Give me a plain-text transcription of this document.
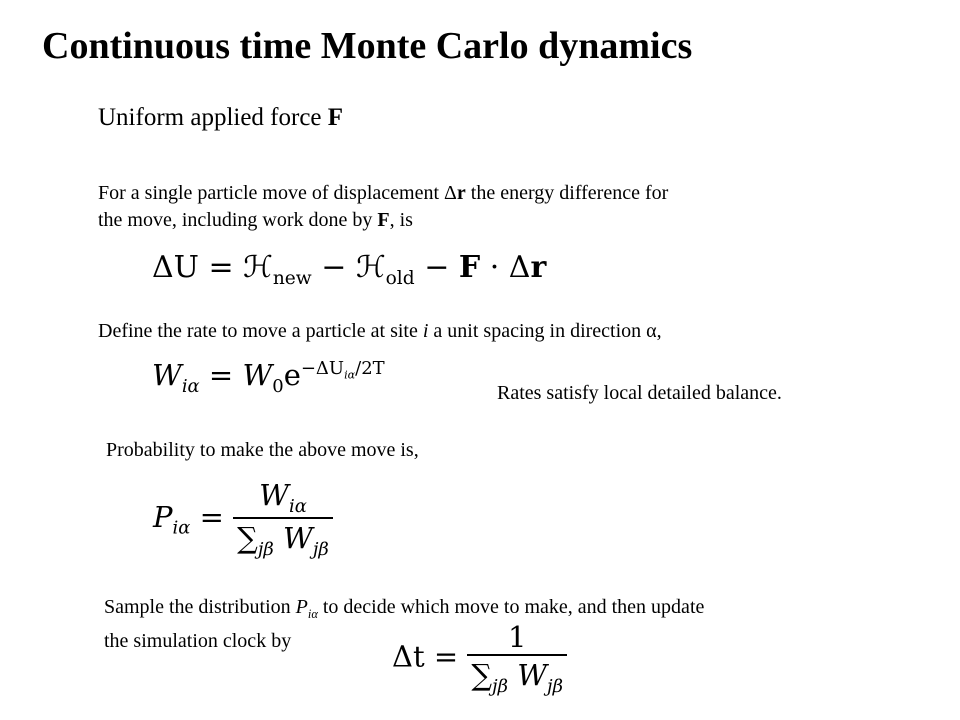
Continuous time Monte Carlo dynamics
Uniform applied force F
For a single particle move of displacement Δr the energy difference for
the move, including work done by F, is
ΔU = ℋ$_{new}$ − ℋ$_{old}$ − F · Δr
Define the rate to move a particle at site i a unit spacing in direction α,
$W_{i\alpha} = W_0e^{-\Delta U_{i\alpha}/2T}$
Rates satisfy local detailed balance.
Probability to make the above move is,
$P_{i\alpha} = \frac{W_{i\alpha}}{\sum_{j\beta} W_{j\beta}}$
Sample the distribution $P_{i\alpha}$ to decide which move to make, and then update
the simulation clock by	$\Delta t = \frac{1}{\sum_{j\beta} W_{j\beta}}$
